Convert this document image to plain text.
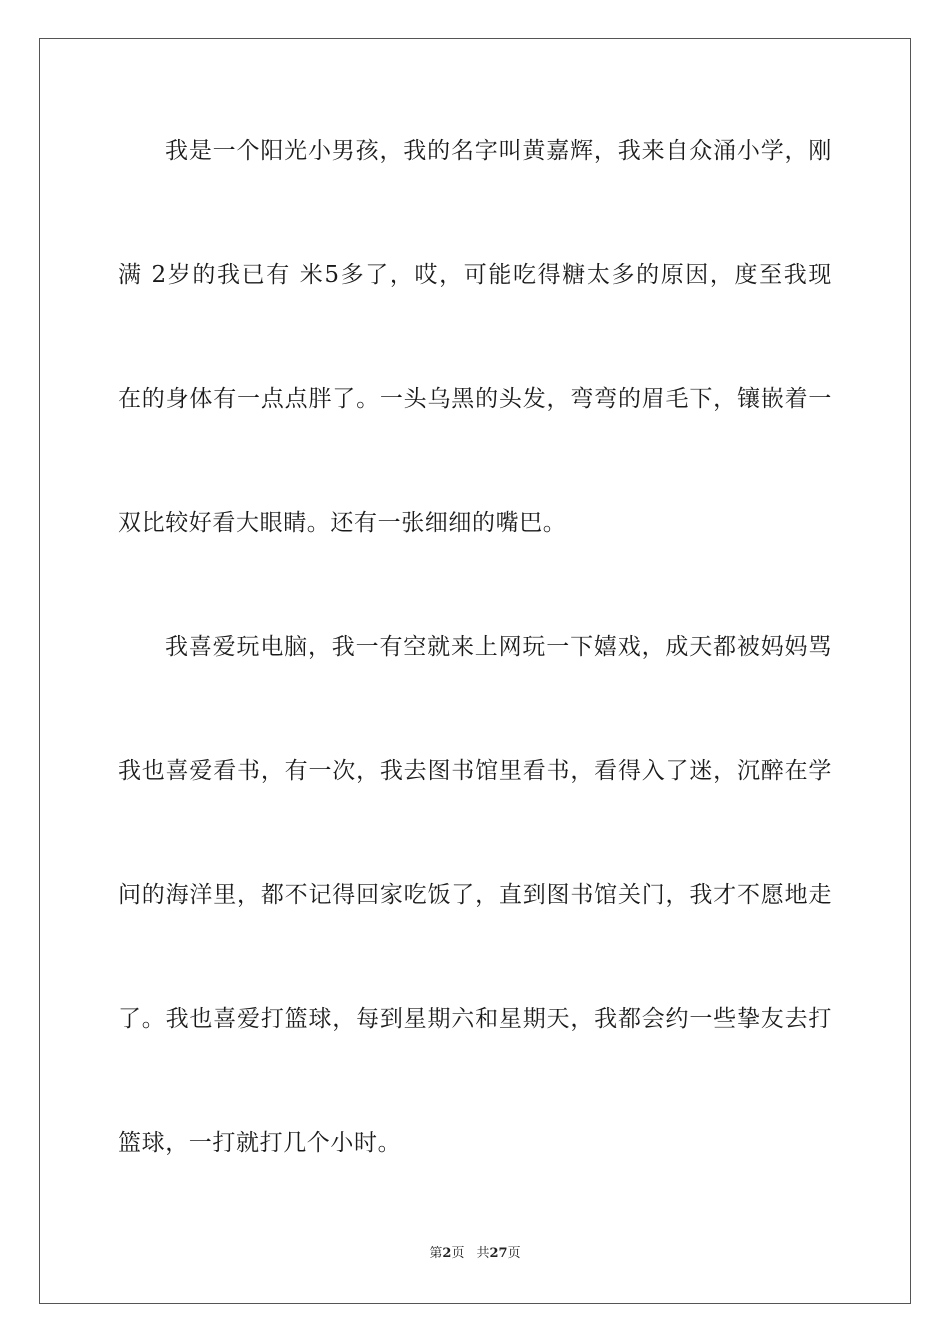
我是一个阳光小男孩，我的名字叫黄嘉辉，我来自众涌小学，刚
满 2岁的我已有 米5多了，哎，可能吃得糖太多的原因，度至我现
在的身体有一点点胖了。一头乌黑的头发，弯弯的眉毛下，镶嵌着一
双比较好看大眼睛。还有一张细细的嘴巴。
我喜爱玩电脑，我一有空就来上网玩一下嬉戏，成天都被妈妈骂
我也喜爱看书，有一次，我去图书馆里看书，看得入了迷，沉醉在学
问的海洋里，都不记得回家吃饭了，直到图书馆关门，我才不愿地走
了。我也喜爱打篮球，每到星期六和星期天，我都会约一些挚友去打
篮球，一打就打几个小时。
第2页 共27页
